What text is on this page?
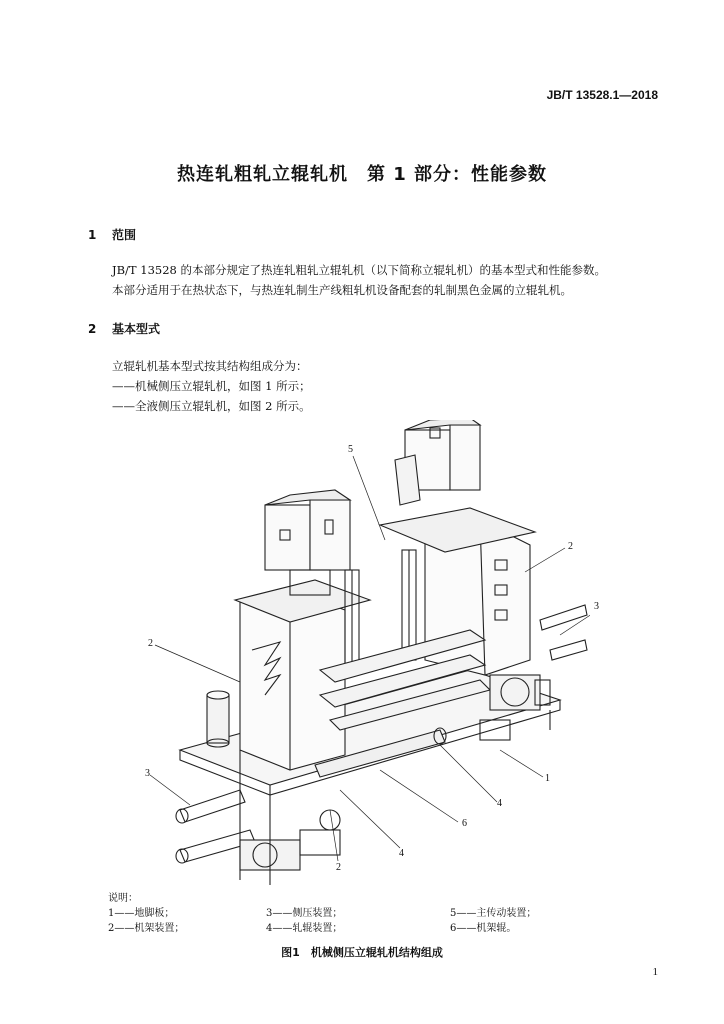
JB/T 13528.1—2018
热连轧粗轧立辊轧机　第 1 部分：性能参数
1 范围
JB/T 13528 的本部分规定了热连轧粗轧立辊轧机（以下简称立辊轧机）的基本型式和性能参数。
本部分适用于在热状态下，与热连轧制生产线粗轧机设备配套的轧制黑色金属的立辊轧机。
2 基本型式
立辊轧机基本型式按其结构组成分为：
——机械侧压立辊轧机，如图 1 所示；
——全液侧压立辊轧机，如图 2 所示。
5
2
3
2
3	1
4
6
4
2
说明：
1——地脚板；	3——侧压装置；	5——主传动装置；
2——机架装置；	4——轧辊装置；	6——机架辊。
图1　机械侧压立辊轧机结构组成
1
